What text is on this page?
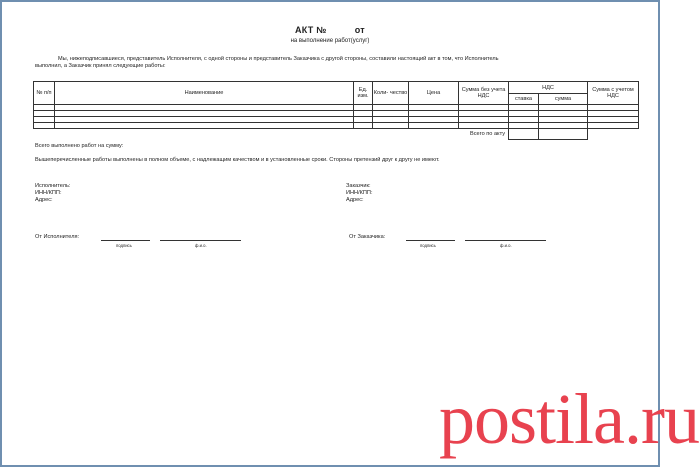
АКТ №	от
на выполнение работ(услуг)
Мы, нижеподписавшиеся, представитель Исполнителя, с одной стороны и представитель Заказчика с другой стороны, составили настоящий акт в том, что Исполнитель
выполнил, а Заказчик принял следующие работы:
№ п/п	Наименование	Ед. изм.	Коли- чество	Цена	Сумма без учета НДС	НДС		Сумма с учетом НДС
						ставка	сумма	

Всего по акту								
Всего выполнено работ на сумму:
Вышеперечисленные работы выполнены в полном объеме, с надлежащим качеством и в установленные сроки. Стороны претензий друг к другу не имеют.
Исполнитель:
ИНН/КПП:
Адрес:
Заказчик:
ИНН/КПП:
Адрес:
От Исполнителя:
подпись	ф.и.о.
От Заказчика:
подпись	ф.и.о.
postila.ru
